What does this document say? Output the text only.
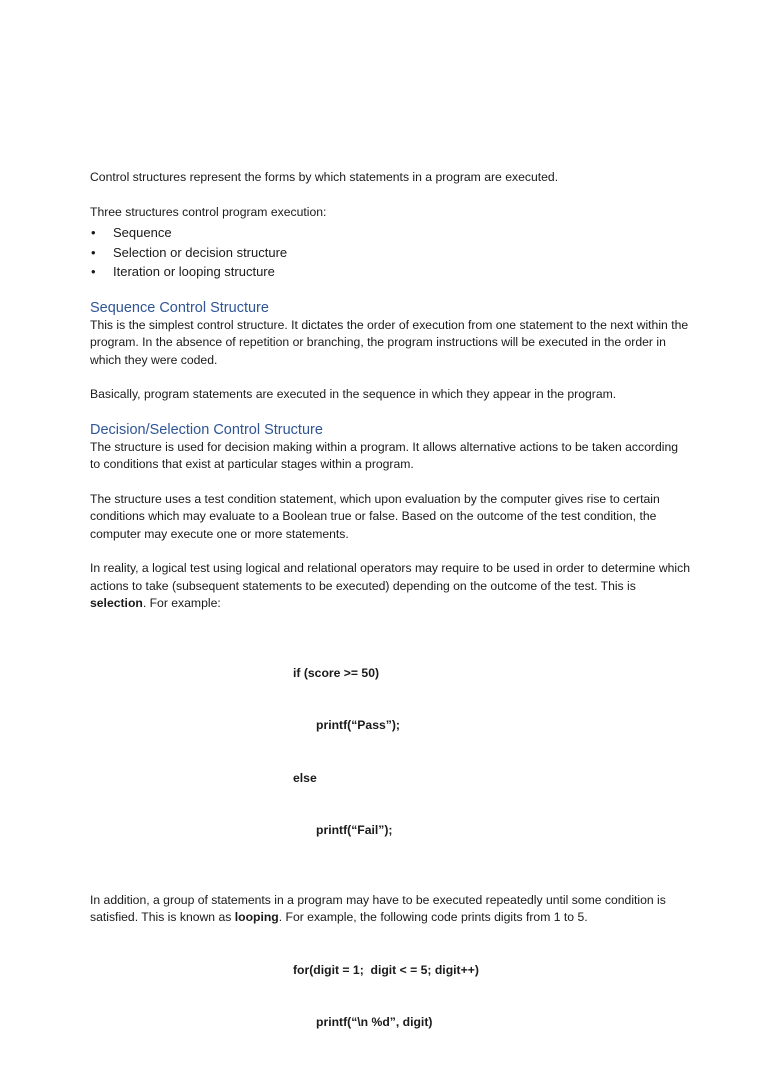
Control structures represent the forms by which statements in a program are executed.

Three structures control program execution:

• Sequence
• Selection or decision structure
• Iteration or looping structure
Sequence Control Structure

This is the simplest control structure. It dictates the order of execution from one statement to the next within the program. In the absence of repetition or branching, the program instructions will be executed in the order in which they were coded.

Basically, program statements are executed in the sequence in which they appear in the program.

Decision/Selection Control Structure

The structure is used for decision making within a program. It allows alternative actions to be taken according to conditions that exist at particular stages within a program.

The structure uses a test condition statement, which upon evaluation by the computer gives rise to certain conditions which may evaluate to a Boolean true or false. Based on the outcome of the test condition, the computer may execute one or more statements.

In reality, a logical test using logical and relational operators may require to be used in order to determine which actions to take (subsequent statements to be executed) depending on the outcome of the test. This is selection. For example:

if (score >= 50)

printf(“Pass”);

else

printf(“Fail”);

In addition, a group of statements in a program may have to be executed repeatedly until some condition is satisfied. This is known as looping. For example, the following code prints digits from 1 to 5.

for(digit = 1;  digit < = 5; digit++)

printf(“\n %d”, digit)
